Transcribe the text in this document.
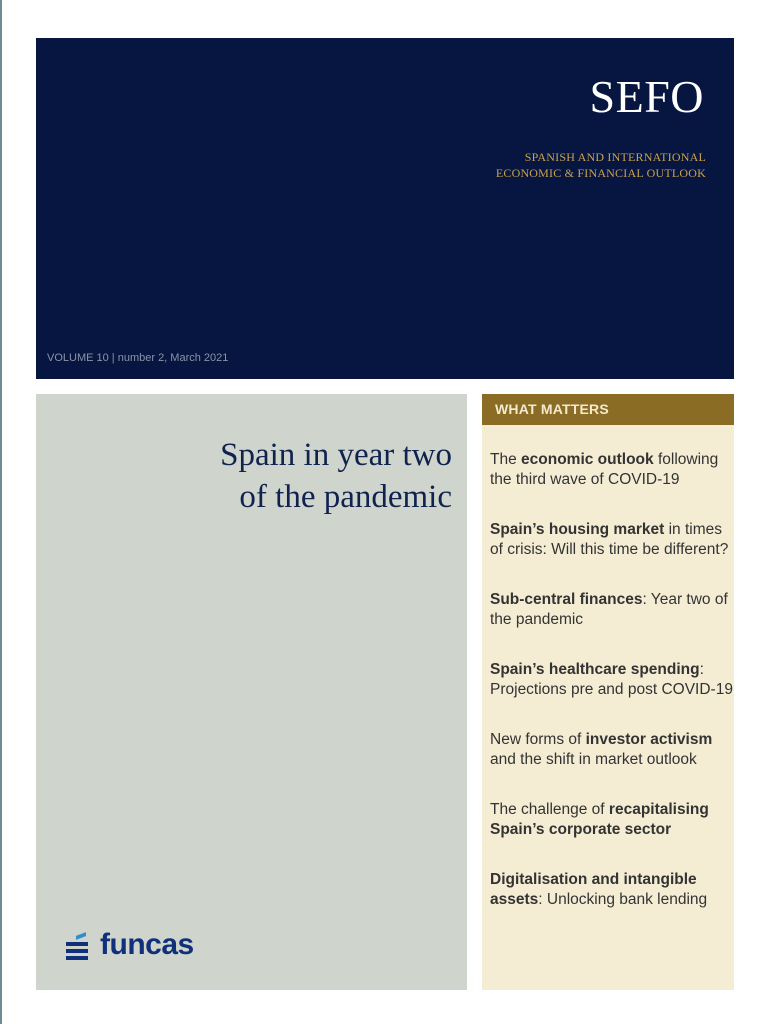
SEFO
SPANISH AND INTERNATIONAL
ECONOMIC & FINANCIAL OUTLOOK
VOLUME 10 | number 2, March 2021
Spain in year two
of the pandemic
funcas
WHAT MATTERS
The economic outlook following the third wave of COVID-19
Spain’s housing market in times of crisis: Will this time be different?
Sub-central finances: Year two of the pandemic
Spain’s healthcare spending: Projections pre and post COVID-19
New forms of investor activism and the shift in market outlook
The challenge of recapitalising Spain’s corporate sector
Digitalisation and intangible assets: Unlocking bank lending
